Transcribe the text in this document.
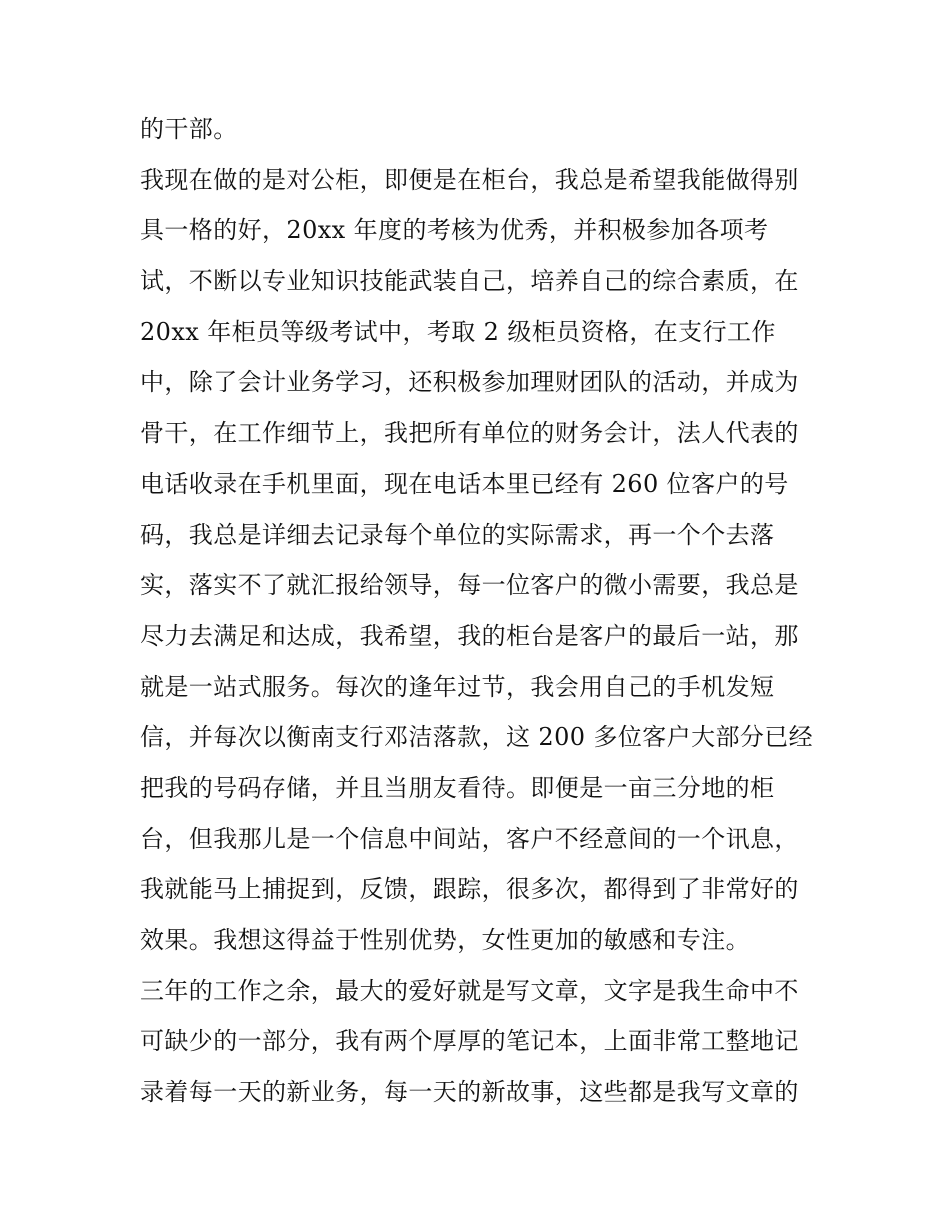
的干部。
我现在做的是对公柜，即便是在柜台，我总是希望我能做得别
具一格的好，20xx 年度的考核为优秀，并积极参加各项考
试，不断以专业知识技能武装自己，培养自己的综合素质，在
20xx 年柜员等级考试中，考取 2 级柜员资格，在支行工作
中，除了会计业务学习，还积极参加理财团队的活动，并成为
骨干，在工作细节上，我把所有单位的财务会计，法人代表的
电话收录在手机里面，现在电话本里已经有 260 位客户的号
码，我总是详细去记录每个单位的实际需求，再一个个去落
实，落实不了就汇报给领导，每一位客户的微小需要，我总是
尽力去满足和达成，我希望，我的柜台是客户的最后一站，那
就是一站式服务。每次的逢年过节，我会用自己的手机发短
信，并每次以衡南支行邓洁落款，这 200 多位客户大部分已经
把我的号码存储，并且当朋友看待。即便是一亩三分地的柜
台，但我那儿是一个信息中间站，客户不经意间的一个讯息，
我就能马上捕捉到，反馈，跟踪，很多次，都得到了非常好的
效果。我想这得益于性别优势，女性更加的敏感和专注。
三年的工作之余，最大的爱好就是写文章，文字是我生命中不
可缺少的一部分，我有两个厚厚的笔记本，上面非常工整地记
录着每一天的新业务，每一天的新故事，这些都是我写文章的
